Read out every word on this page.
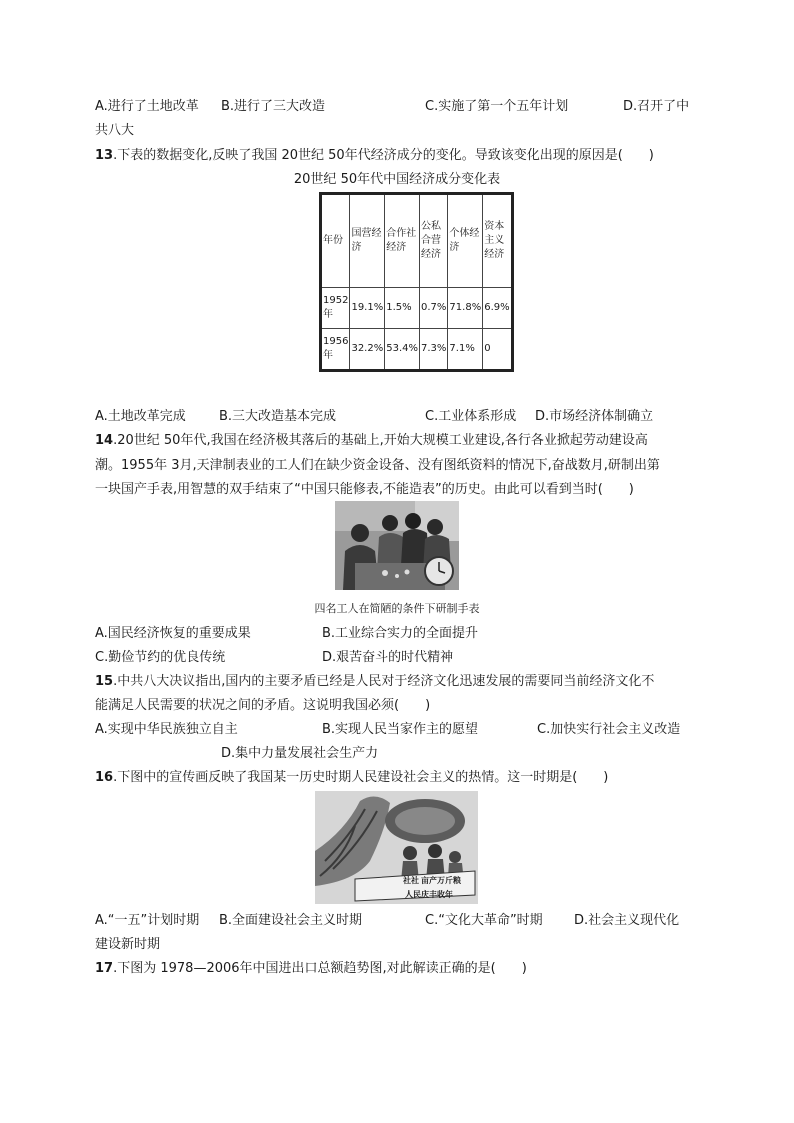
A.进行了土地改革 B.进行了三大改造	C.实施了第一个五年计划	D.召开了中
共八大
13.下表的数据变化,反映了我国 20世纪 50年代经济成分的变化。导致该变化出现的原因是(　　)
20世纪 50年代中国经济成分变化表
年份	国营经济	合作社经济	公私合营经济	个体经济	资本主义经济
1952年	19.1%	1.5%	0.7%	71.8%	6.9%
1956年	32.2%	53.4%	7.3%	7.1%	0
A.土地改革完成	B.三大改造基本完成	C.工业体系形成 D.市场经济体制确立
14.20世纪 50年代,我国在经济极其落后的基础上,开始大规模工业建设,各行各业掀起劳动建设高
潮。1955年 3月,天津制表业的工人们在缺少资金设备、没有图纸资料的情况下,奋战数月,研制出第
一块国产手表,用智慧的双手结束了“中国只能修表,不能造表”的历史。由此可以看到当时(　　)
四名工人在简陋的条件下研制手表
A.国民经济恢复的重要成果	B.工业综合实力的全面提升
C.勤俭节约的优良传统	D.艰苦奋斗的时代精神
15.中共八大决议指出,国内的主要矛盾已经是人民对于经济文化迅速发展的需要同当前经济文化不
能满足人民需要的状况之间的矛盾。这说明我国必须(　　)
A.实现中华民族独立自主	B.实现人民当家作主的愿望	C.加快实行社会主义改造
D.集中力量发展社会生产力
16.下图中的宣传画反映了我国某一历史时期人民建设社会主义的热情。这一时期是(　　)
社社 亩产万斤粮
人民庆丰收年
A.“一五”计划时期 B.全面建设社会主义时期	C.“文化大革命”时期 D.社会主义现代化
建设新时期
17.下图为 1978—2006年中国进出口总额趋势图,对此解读正确的是(　　)
